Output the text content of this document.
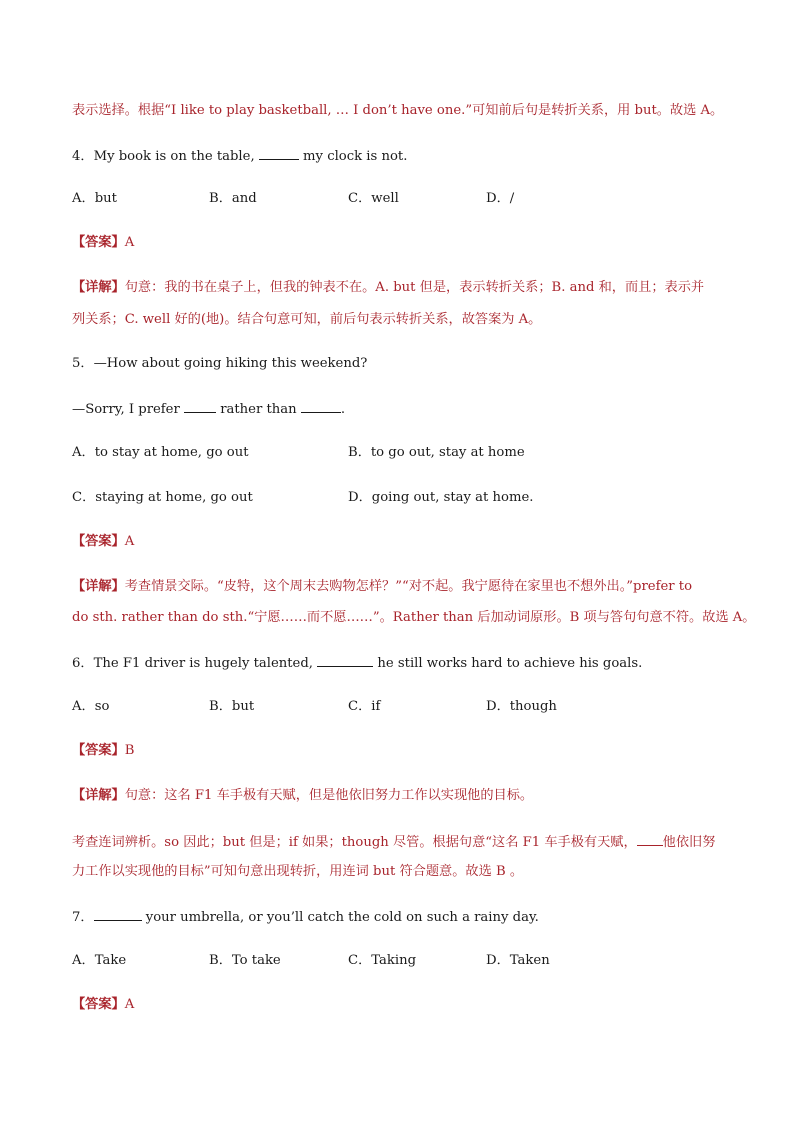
表示选择。根据“I like to play basketball, … I don’t have one.”可知前后句是转折关系，用 but。故选 A。
4．My book is on the table,	my clock is not.
A．but	B．and	C．well	D．/
【答案】A
【详解】句意：我的书在桌子上，但我的钟表不在。A. but 但是，表示转折关系；B. and 和，而且；表示并
列关系；C. well 好的(地)。结合句意可知，前后句表示转折关系，故答案为 A。
5．—How about going hiking this weekend?
—Sorry, I prefer	rather than	.
A．to stay at home, go out	B．to go out, stay at home
C．staying at home, go out	D．going out, stay at home.
【答案】A
【详解】考查情景交际。“皮特，这个周末去购物怎样？”“对不起。我宁愿待在家里也不想外出。”prefer to
do sth. rather than do sth.“宁愿……而不愿……”。Rather than 后加动词原形。B 项与答句句意不符。故选 A。
6．The F1 driver is hugely talented,	he still works hard to achieve his goals.
A．so	B．but	C．if	D．though
【答案】B
【详解】句意：这名 F1 车手极有天赋，但是他依旧努力工作以实现他的目标。
考查连词辨析。so 因此；but 但是；if 如果；though 尽管。根据句意“这名 F1 车手极有天赋， 他依旧努
力工作以实现他的目标”可知句意出现转折，用连词 but 符合题意。故选 B 。
7．	your umbrella, or you’ll catch the cold on such a rainy day.
A．Take	B．To take	C．Taking	D．Taken
【答案】A
